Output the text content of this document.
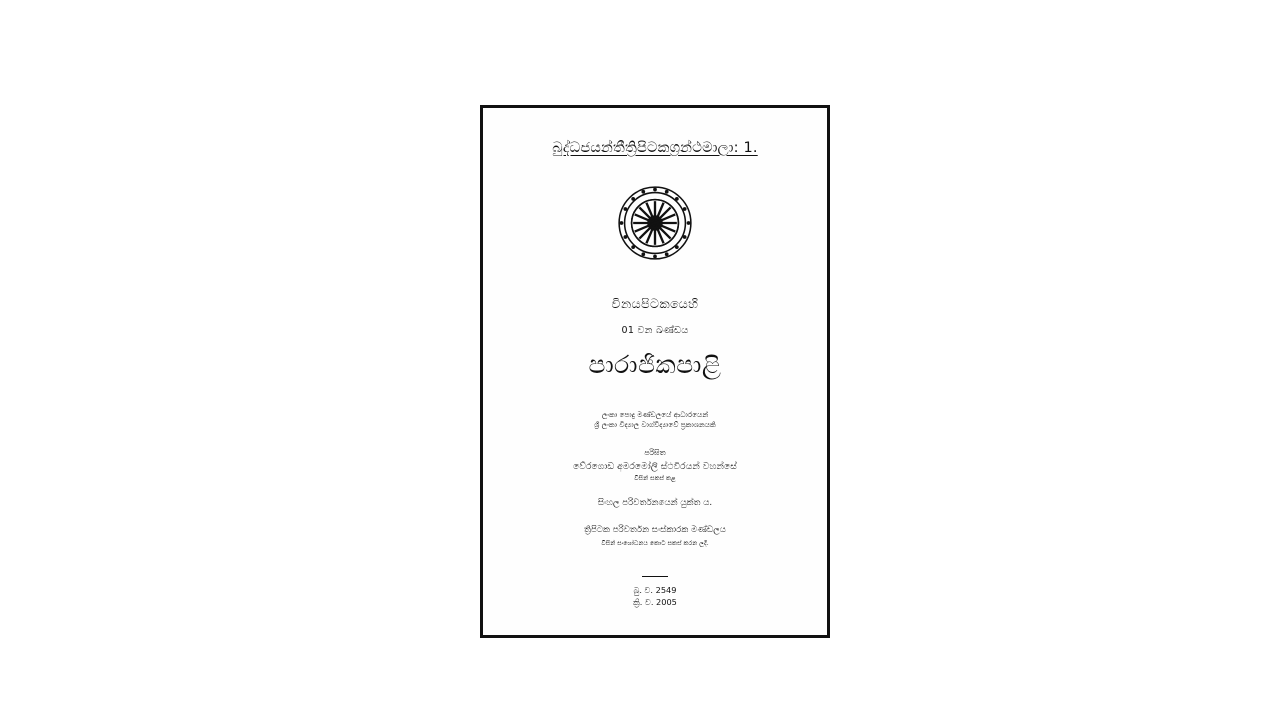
බුද්ධජයන්තීත්‍රිපිටකග්‍රන්ථමාලා: 1.
විනයපිටකයෙහි
01 වන ඛණ්ඩය
පාරාජිකපාළි
ලංකා පොදු මණ්ඩලයේ ආධාරයෙන්
ශ්‍රී ලංකා විද්‍යාල වාග්විද්‍යාවේ ප්‍රකාශනයකි
පරිඝිත
වේරගොඩ අමරමෝලි ස්ථවිරයන් වහන්සේ
විසින් සකස් කළ
සිංහල පරිවර්තනයෙන් යුක්ත ය.
ත්‍රිපිටක පරිවර්තන සංස්කාරක මණ්ඩලය
විසින් සංශෝධනය කොට සකස් කරන ලදී.
බු. ව. 2549
ක්‍රි. ව. 2005
